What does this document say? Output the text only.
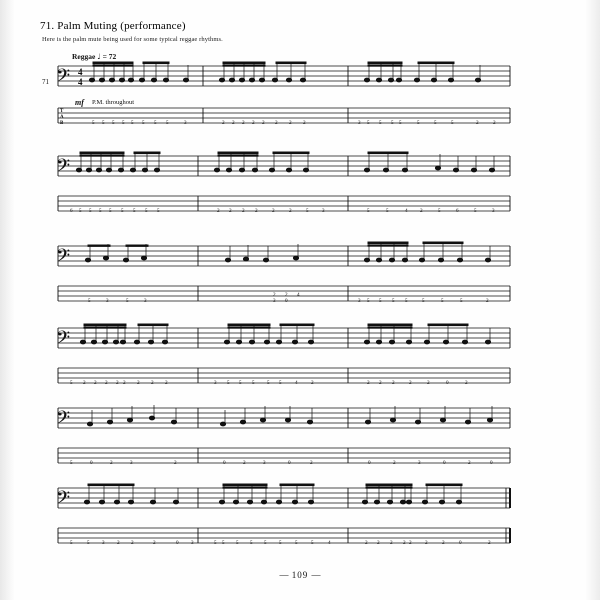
71. Palm Muting (performance)
Here is the palm mute being used for some typical reggae rhythms.
Reggae ♩ = 72
71
mf P.M. throughout
𝄢 4
4
T
A
B	5 5 5 5 5 5 5 5	3	2 2 2 2 2 2 2 2	3 5 5 5 5	5	5	5	2	2
𝄢
6 5 5 5 5 5 5 5 5	2 2 2 2	2	2	5	3	5	5	4 2	5	6	5	3
𝄢
5	3	5	3
2 2 4
3 0	3 5 5 5 5	5	5	5	2
𝄢
5 2 2 2 2 2 2 2 2	3 5 5 5 5 5	4	2	2 2 2	2	2	0	2
𝄢
5	0	2	3	2	0	2	3	0	2	0	2	3	0	2	0
𝄢
5	5 3 2 2	2	0 3	5 5 5 5 5 5	5	5	4	2 2 2 2 2	2	2	0	2
— 109 —
